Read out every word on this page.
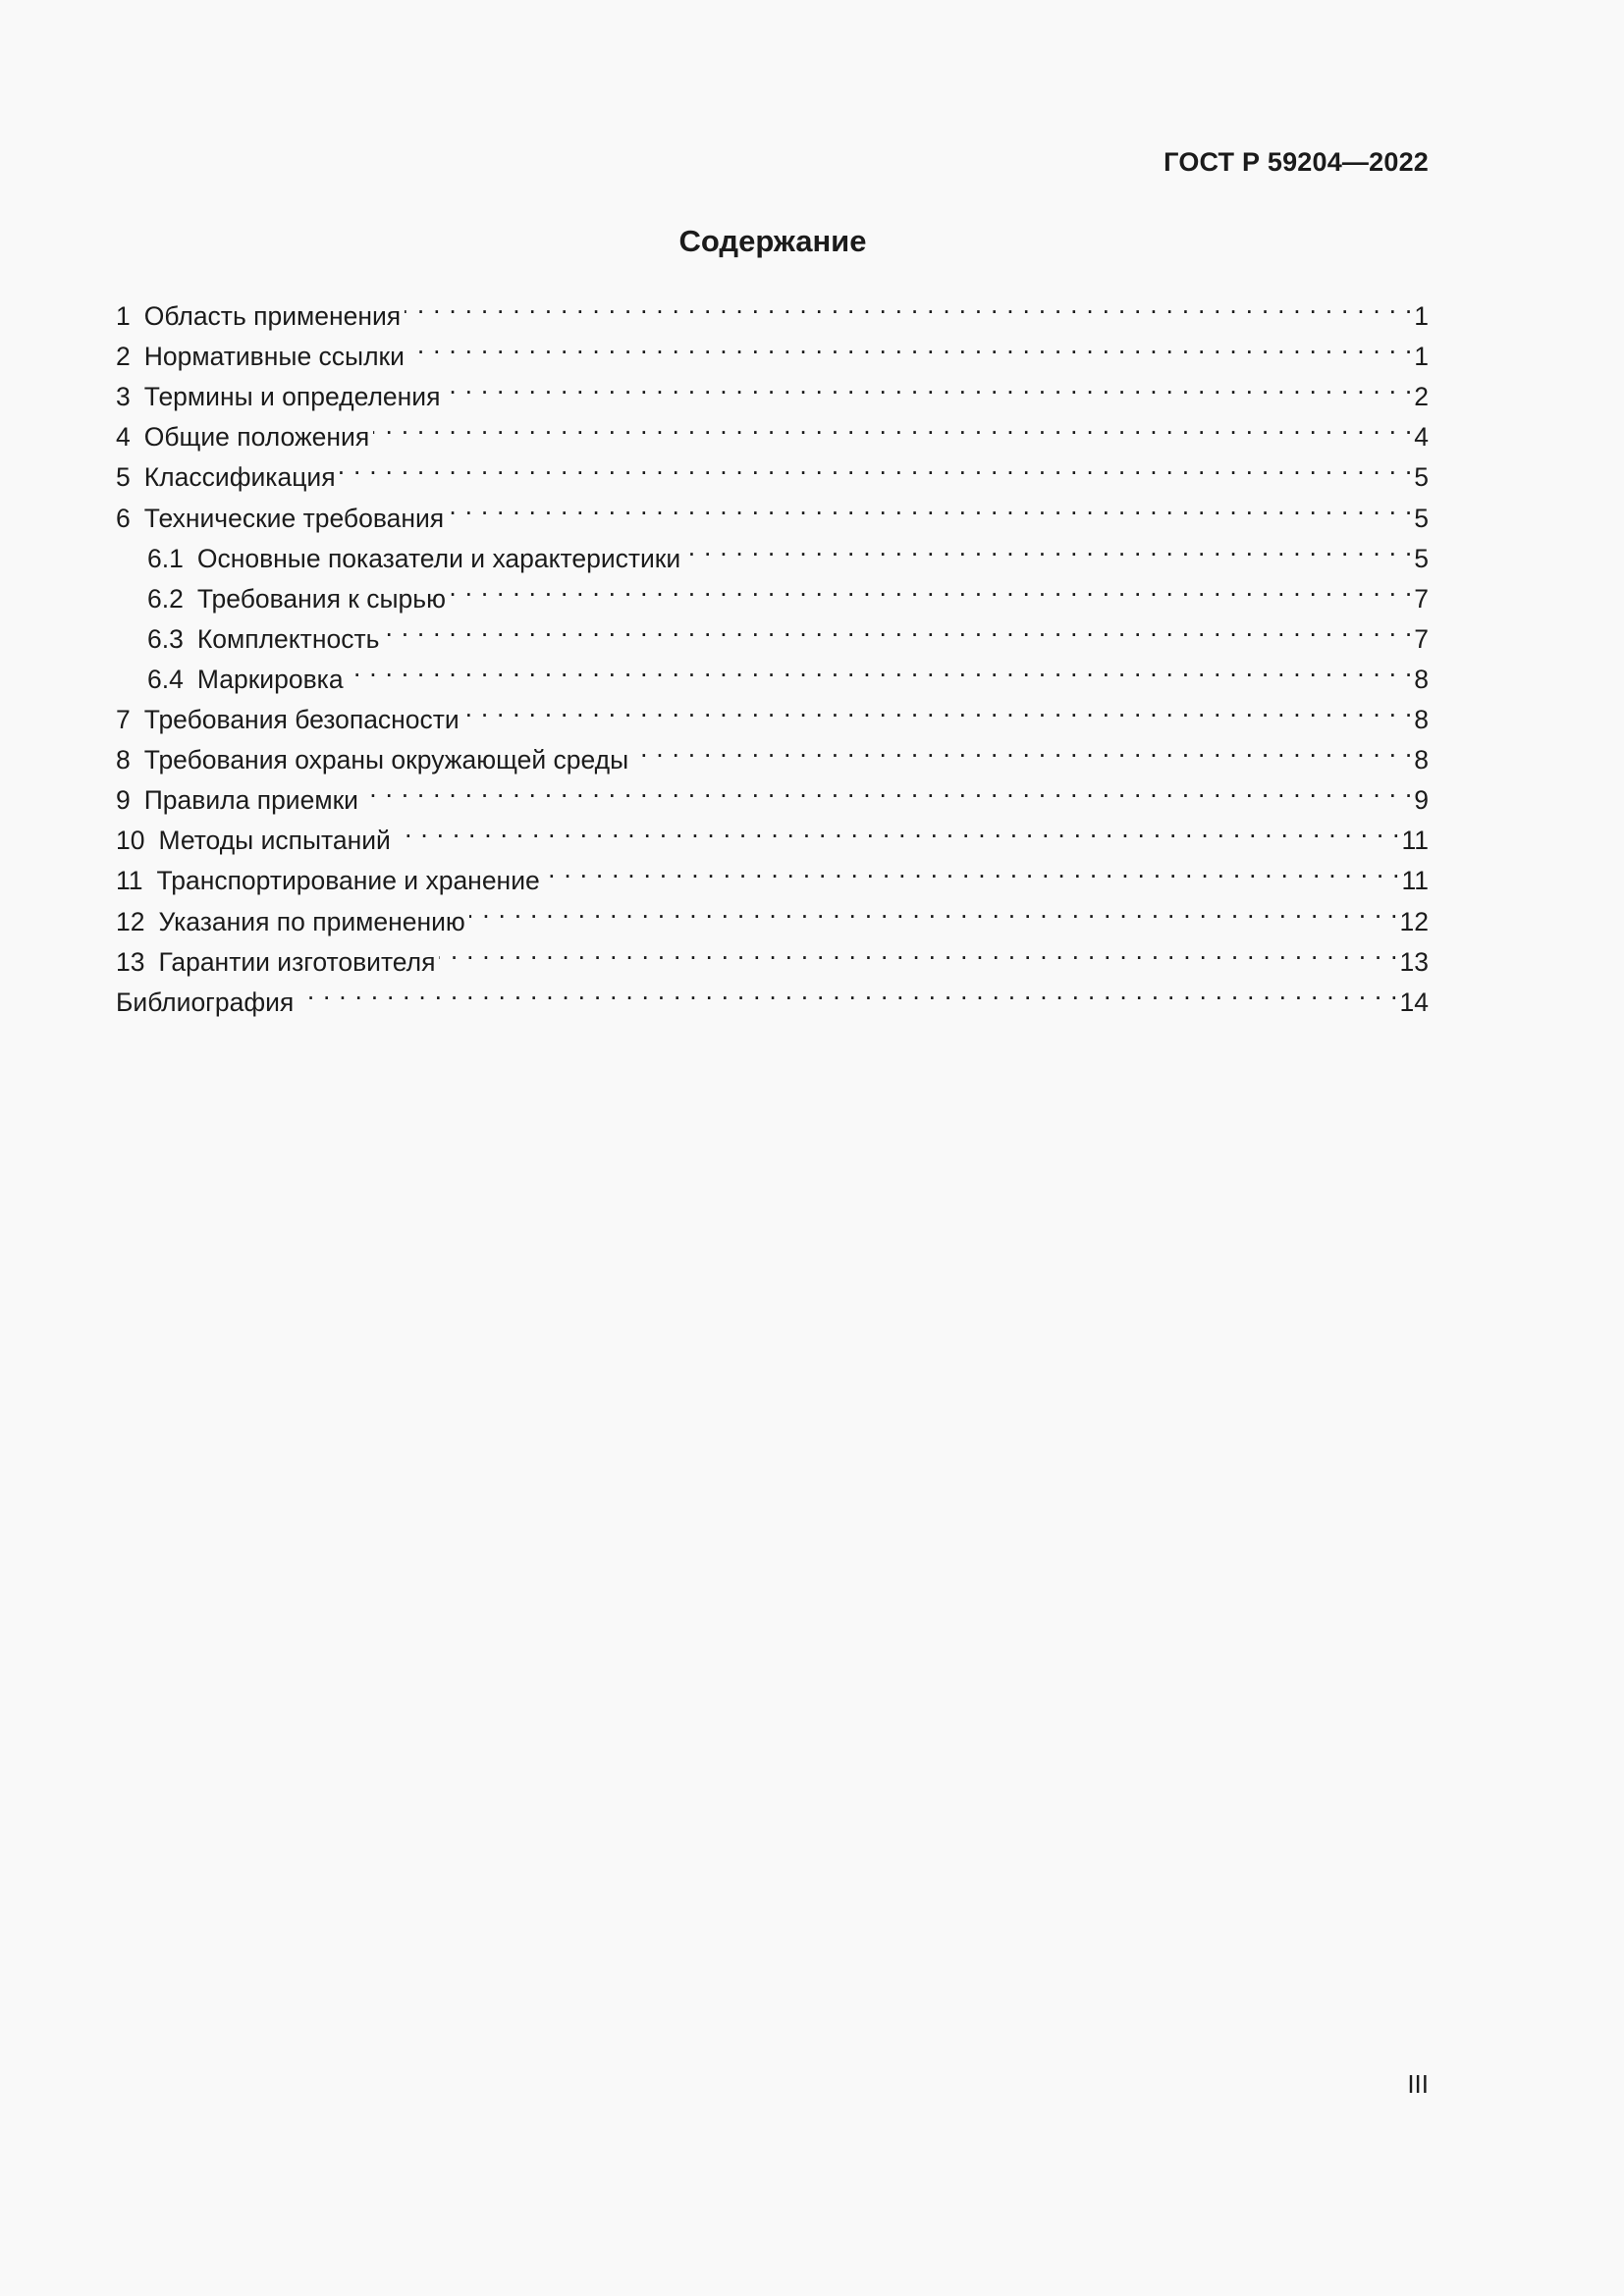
ГОСТ Р 59204—2022
Содержание
1 Область применения . . .	1
2 Нормативные ссылки . . .	1
3 Термины и определения . . .	2
4 Общие положения . . .	4
5 Классификация . . .	5
6 Технические требования . . .	5
6.1 Основные показатели и характеристики . . .	5
6.2 Требования к сырью . . .	7
6.3 Комплектность . . .	7
6.4 Маркировка . . .	8
7 Требования безопасности . . .	8
8 Требования охраны окружающей среды . . .	8
9 Правила приемки . . .	9
10 Методы испытаний . . .	11
11 Транспортирование и хранение . . .	11
12 Указания по применению . . .	12
13 Гарантии изготовителя . . .	13
Библиография . . .	14
III
